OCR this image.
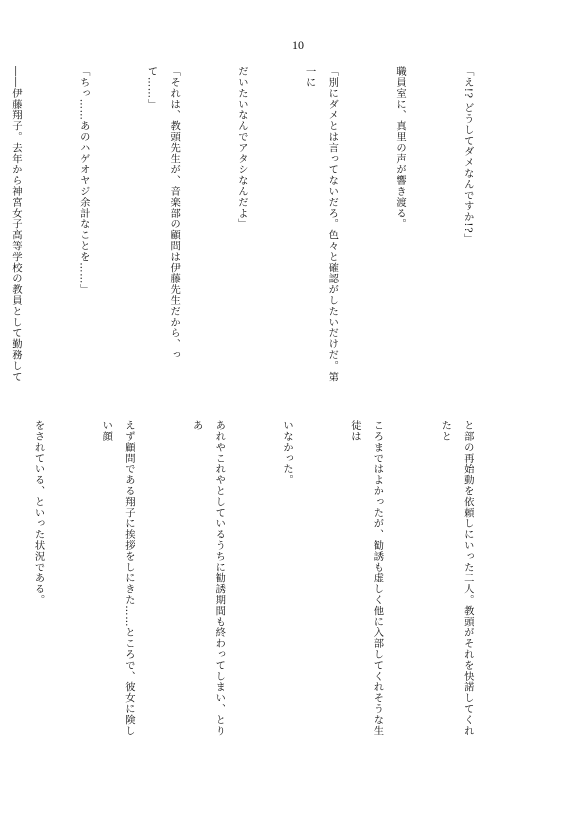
10

「え!? どうしてダメなんですか!?」

職員室に、真里の声が響き渡る。

「別にダメとは言ってないだろ。色々と確認がしたいだけだ。第一に

だいたいなんでアタシなんだよ」

「それは、教頭先生が、音楽部の顧問は伊藤先生だから、って……」

「ちっ……あのハゲオヤジ余計なことを……」

――伊藤翔子。去年から神宮女子高等学校の教員として勤務して

と部の再始動を依頼しにいった二人。教頭がそれを快諾してくれたと

ころまではよかったが、勧誘も虚しく他に入部してくれそうな生徒は

いなかった。

あれやこれやとしているうちに勧誘期間も終わってしまい、とりあ

えず顧問である翔子に挨拶をしにきた……ところで、彼女に険しい顔

をされている、といった状況である。
